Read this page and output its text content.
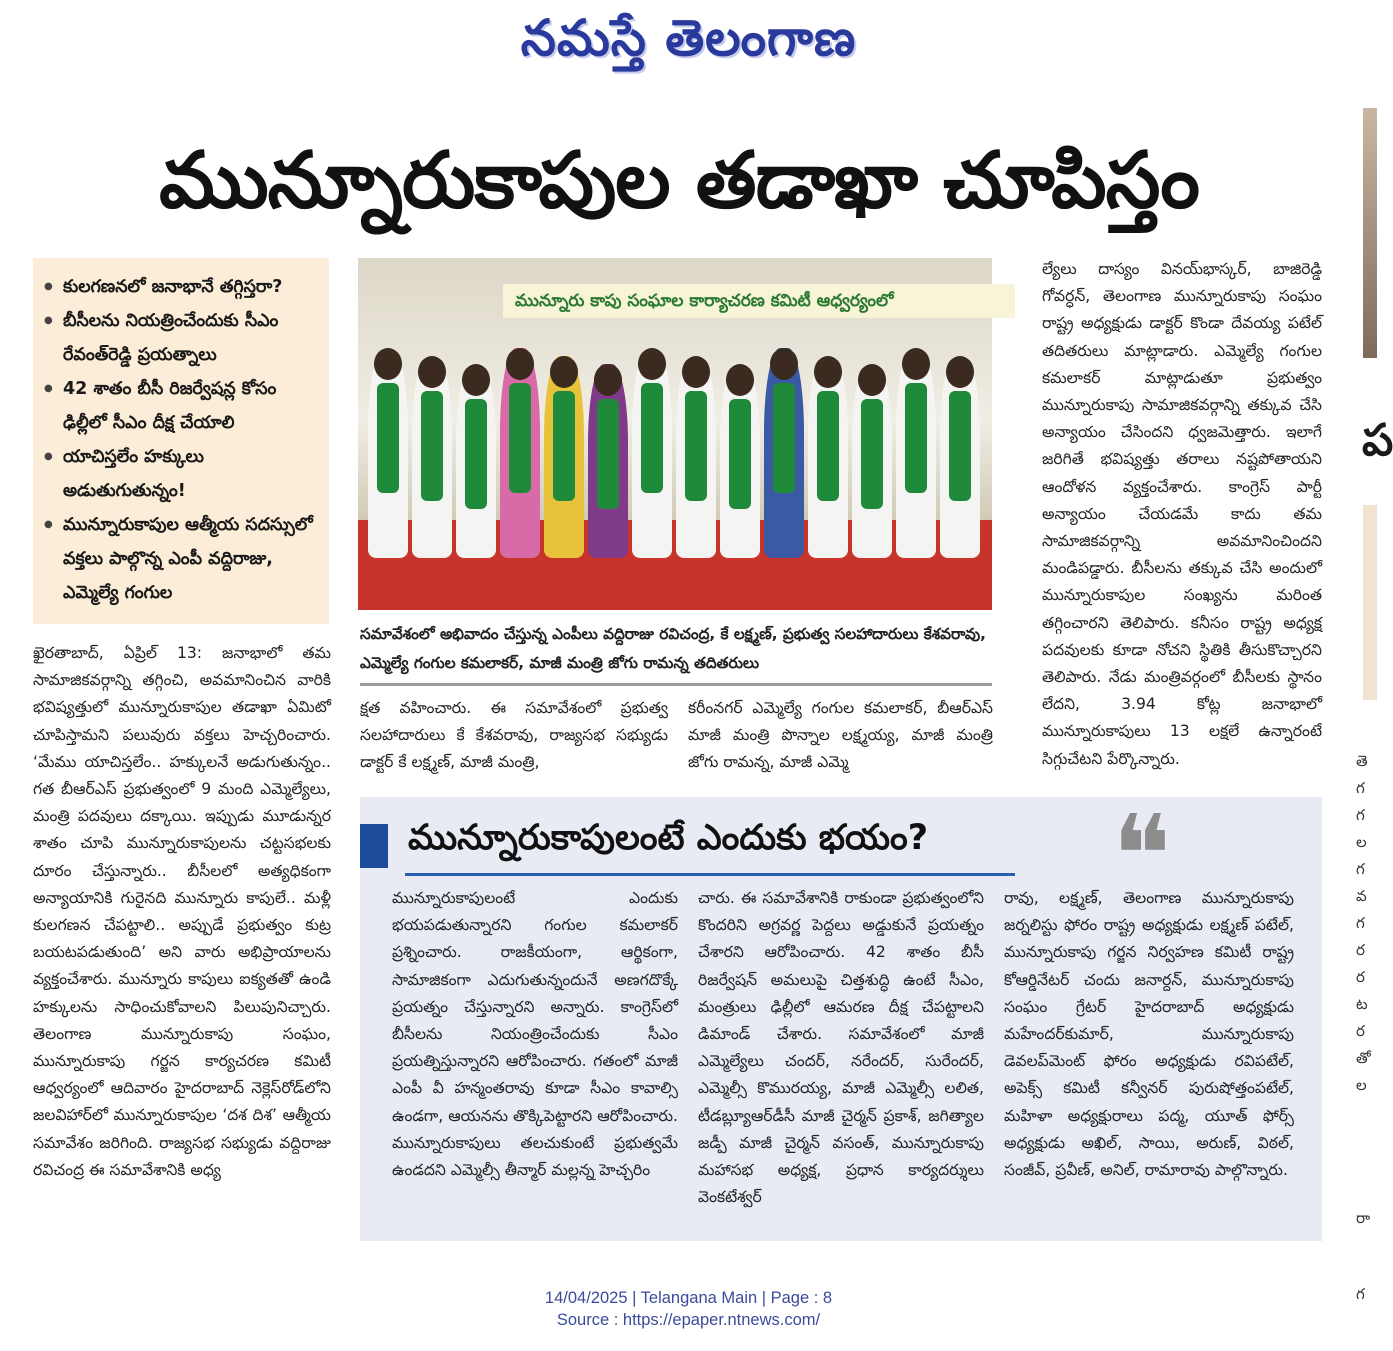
నమస్తే తెలంగాణ
మున్నూరుకాపుల తడాఖా చూపిస్తం
ప
తె
గ
గ
ల
గ
వ
గ
ర
ర
ట
ర
తో
ల
రా
గ
● కులగణనలో జనాభానే తగ్గిస్తరా?
● బీసీలను నియత్రించేందుకు సీఎం రేవంత్‌రెడ్డి ప్రయత్నాలు
● 42 శాతం బీసీ రిజర్వేషన్ల కోసం ఢిల్లీలో సీఎం దీక్ష చేయాలి
● యాచిస్తలేం హక్కులు అడుతుగుతున్నం!
● మున్నూరుకాపుల ఆత్మీయ సదస్సులో వక్తలు పాల్గొన్న ఎంపీ వద్దిరాజు, ఎమ్మెల్యే గంగుల

ఖైరతాబాద్, ఏప్రిల్ 13: జనాభాలో తమ సామాజికవర్గాన్ని తగ్గించి, అవమానించిన వారికి భవిష్యత్తులో మున్నూరుకాపుల తడాఖా ఏమిటో చూపిస్తామని పలువురు వక్తలు హెచ్చరించారు. ‘మేము యాచిస్తలేం.. హక్కులనే అడుగుతున్నం.. గత బీఆర్ఎస్ ప్రభుత్వంలో 9 మంది ఎమ్మెల్యేలు, మంత్రి పదవులు దక్కాయి. ఇప్పుడు మూడున్నర శాతం చూపి మున్నూరుకాపులను చట్టసభలకు దూరం చేస్తున్నారు.. బీసీలలో అత్యధికంగా అన్యాయానికి గురైనది మున్నూరు కాపులే.. మళ్లీ కులగణన చేపట్టాలి.. అప్పుడే ప్రభుత్వం కుట్ర బయటపడుతుంది’ అని వారు అభిప్రాయాలను వ్యక్తంచేశారు. మున్నూరు కాపులు ఐక్యతతో ఉండి హక్కులను సాధించుకోవాలని పిలుపునిచ్చారు. తెలంగాణ మున్నూరుకాపు సంఘం, మున్నూరుకాపు గర్జన కార్యచరణ కమిటీ ఆధ్వర్యంలో ఆదివారం హైదరాబాద్ నెక్లెస్‌రోడ్‌లోని జలవిహార్‌లో మున్నూరుకాపుల ‘దశ దిశ’ ఆత్మీయ సమావేశం జరిగింది. రాజ్యసభ సభ్యుడు వద్దిరాజు రవిచంద్ర ఈ సమావేశానికి అధ్య

మున్నూరు కాపు సంఘాల కార్యాచరణ కమిటీ ఆధ్వర్యంలో
సమావేశంలో అభివాదం చేస్తున్న ఎంపీలు వద్దిరాజు రవిచంద్ర, కే లక్ష్మణ్, ప్రభుత్వ సలహాదారులు కేశవరావు, ఎమ్మెల్యే గంగుల కమలాకర్, మాజీ మంత్రి జోగు రామన్న తదితరులు

క్షత వహించారు. ఈ సమావేశంలో ప్రభుత్వ సలహాదారులు కే కేశవరావు, రాజ్యసభ సభ్యుడు డాక్టర్ కే లక్ష్మణ్, మాజీ మంత్రి,

కరీంనగర్ ఎమ్మెల్యే గంగుల కమలాకర్, బీఆర్ఎస్ మాజీ మంత్రి పొన్నాల లక్ష్మయ్య, మాజీ మంత్రి జోగు రామన్న, మాజీ ఎమ్మె

ల్యేలు దాస్యం వినయ్‌భాస్కర్, బాజిరెడ్డి గోవర్ధన్, తెలంగాణ మున్నూరుకాపు సంఘం రాష్ట్ర అధ్యక్షుడు డాక్టర్ కొండా దేవయ్య పటేల్ తదితరులు మాట్లాడారు. ఎమ్మెల్యే గంగుల కమలాకర్ మాట్లాడుతూ ప్రభుత్వం మున్నూరుకాపు సామాజికవర్గాన్ని తక్కువ చేసి అన్యాయం చేసిందని ధ్వజమెత్తారు. ఇలాగే జరిగితే భవిష్యత్తు తరాలు నష్టపోతాయని ఆందోళన వ్యక్తంచేశారు. కాంగ్రెస్ పార్టీ అన్యాయం చేయడమే కాదు తమ సామాజికవర్గాన్ని అవమానించిందని మండిపడ్డారు. బీసీలను తక్కువ చేసి అందులో మున్నూరుకాపుల సంఖ్యను మరింత తగ్గించారని తెలిపారు. కనీసం రాష్ట్ర అధ్యక్ష పదవులకు కూడా నోచని స్థితికి తీసుకొచ్చారని తెలిపారు. నేడు మంత్రివర్గంలో బీసీలకు స్థానం లేదని, 3.94 కోట్ల జనాభాలో మున్నూరుకాపులు 13 లక్షలే ఉన్నారంటే సిగ్గుచేటని పేర్కొన్నారు.

మున్నూరుకాపులంటే ఎందుకు భయం? ❝

మున్నూరుకాపులంటే ఎందుకు భయపడుతున్నారని గంగుల కమలాకర్ ప్రశ్నించారు. రాజకీయంగా, ఆర్థికంగా, సామాజికంగా ఎదుగుతున్నందునే అణగదొక్కే ప్రయత్నం చేస్తున్నారని అన్నారు. కాంగ్రెస్‌లో బీసీలను నియంత్రించేందుకు సీఎం ప్రయత్నిస్తున్నారని ఆరోపించారు. గతంలో మాజీ ఎంపీ వీ హన్మంతరావు కూడా సీఎం కావాల్సి ఉండగా, ఆయనను తొక్కిపెట్టారని ఆరోపించారు. మున్నూరుకాపులు తలచుకుంటే ప్రభుత్వమే ఉండదని ఎమ్మెల్సీ తీన్మార్ మల్లన్న హెచ్చరిం

చారు. ఈ సమావేశానికి రాకుండా ప్రభుత్వంలోని కొందరిని అగ్రవర్ణ పెద్దలు అడ్డుకునే ప్రయత్నం చేశారని ఆరోపించారు. 42 శాతం బీసీ రిజర్వేషన్ అమలుపై చిత్తశుద్ధి ఉంటే సీఎం, మంత్రులు ఢిల్లీలో ఆమరణ దీక్ష చేపట్టాలని డిమాండ్ చేశారు. సమావేశంలో మాజీ ఎమ్మెల్యేలు చందర్, నరేందర్, సురేందర్, ఎమ్మెల్సీ కొమురయ్య, మాజీ ఎమ్మెల్సీ లలిత, టీడబ్ల్యూఆర్‌డీసీ మాజీ చైర్మన్ ప్రకాశ్, జగిత్యాల జడ్పీ మాజీ చైర్మన్ వసంత్, మున్నూరుకాపు మహాసభ అధ్యక్ష, ప్రధాన కార్యదర్శులు వెంకటేశ్వర్

రావు, లక్ష్మణ్, తెలంగాణ మున్నూరుకాపు జర్నలిస్టు ఫోరం రాష్ట్ర అధ్యక్షుడు లక్ష్మణ్ పటేల్, మున్నూరుకాపు గర్జన నిర్వహణ కమిటీ రాష్ట్ర కోఆర్డినేటర్ చందు జనార్దన్, మున్నూరుకాపు సంఘం గ్రేటర్ హైదరాబాద్ అధ్యక్షుడు మహేందర్‌కుమార్, మున్నూరుకాపు డెవలప్‌మెంట్ ఫోరం అధ్యక్షుడు రవిపటేల్, అపెక్స్ కమిటీ కన్వీనర్ పురుషోత్తంపటేల్, మహిళా అధ్యక్షురాలు పద్మ, యూత్ ఫోర్స్ అధ్యక్షుడు అఖిల్, సాయి, అరుణ్, విఠల్, సంజీవ్, ప్రవీణ్, అనిల్, రామారావు పాల్గొన్నారు.

14/04/2025 | Telangana Main | Page : 8
Source : https://epaper.ntnews.com/
